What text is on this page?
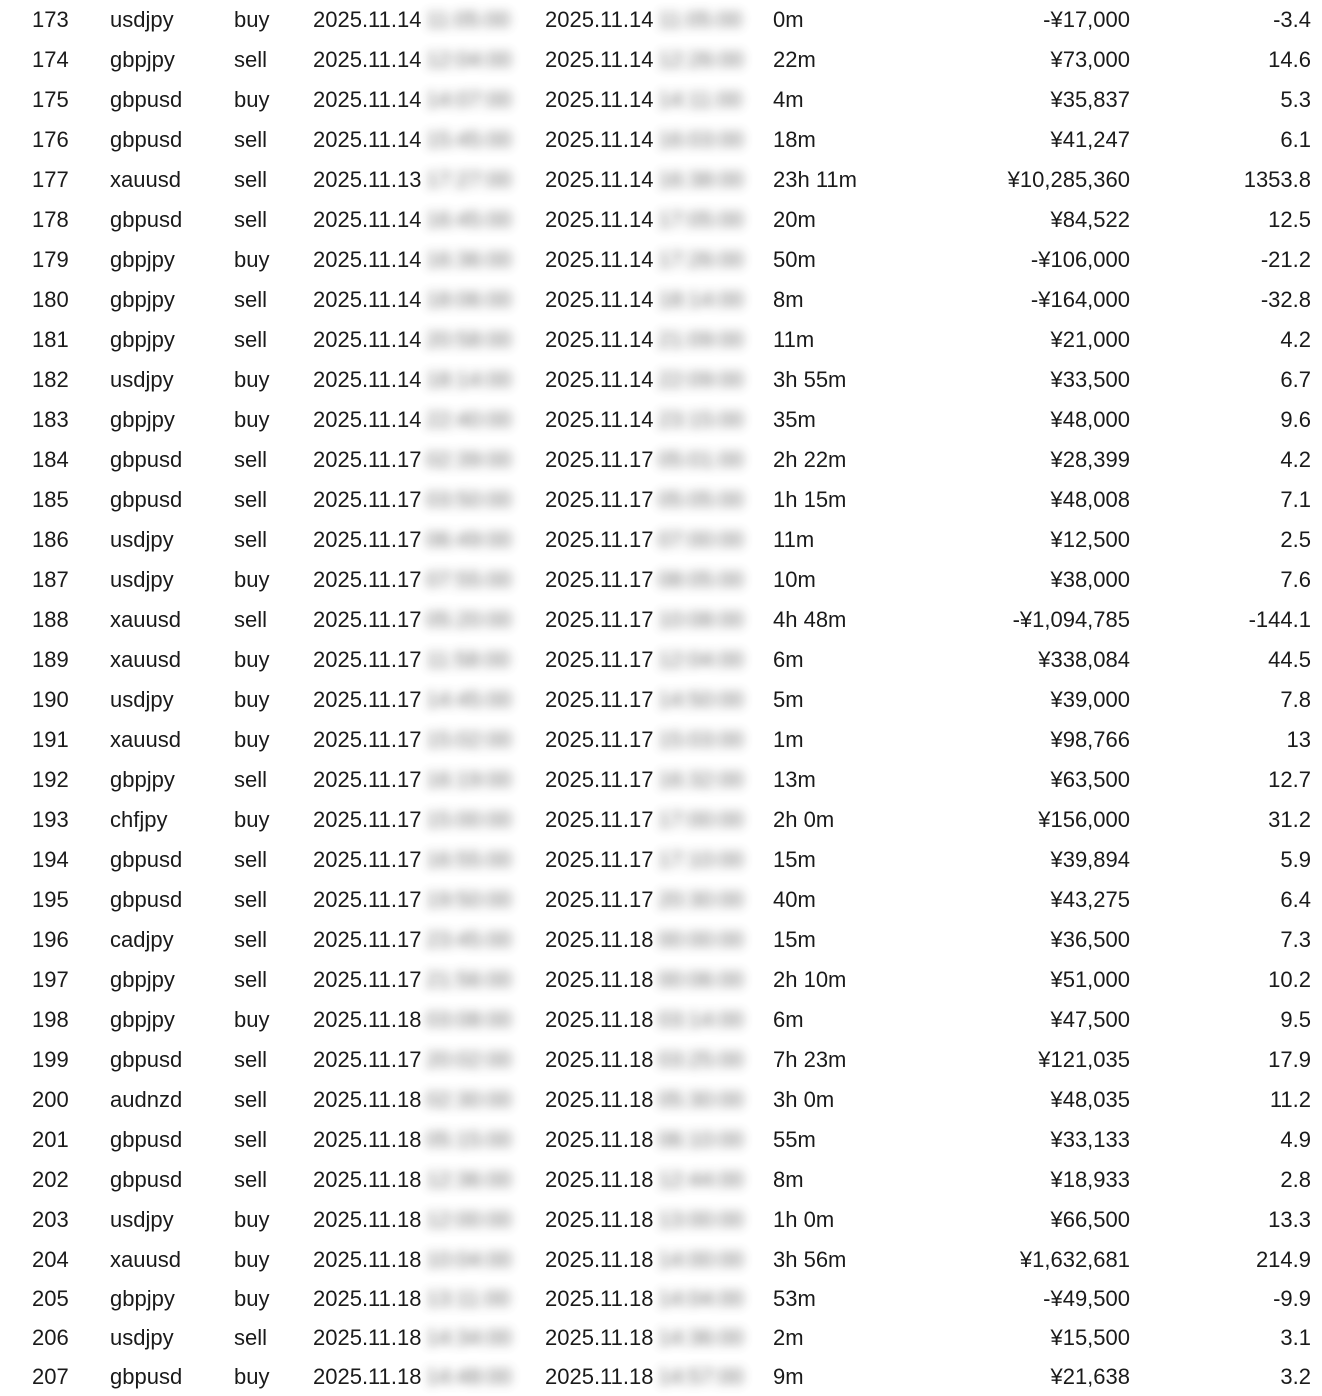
173 usdjpy	buy 2025.11.14 11:05:00 2025.11.14 11:05:00 0m	-¥17,000	-3.4
174 gbpjpy	sell 2025.11.14 12:04:00 2025.11.14 12:26:00 22m	¥73,000	14.6
175 gbpusd buy 2025.11.14 14:07:00 2025.11.14 14:11:00 4m	¥35,837	5.3
176 gbpusd sell 2025.11.14 15:45:00 2025.11.14 16:03:00 18m	¥41,247	6.1
177 xauusd sell 2025.11.13 17:27:00 2025.11.14 16:38:00 23h 11m	¥10,285,360	1353.8
178 gbpusd sell 2025.11.14 16:45:00 2025.11.14 17:05:00 20m	¥84,522	12.5
179 gbpjpy	buy 2025.11.14 16:36:00 2025.11.14 17:26:00 50m	-¥106,000	-21.2
180 gbpjpy	sell 2025.11.14 18:06:00 2025.11.14 18:14:00 8m	-¥164,000	-32.8
181 gbpjpy	sell 2025.11.14 20:58:00 2025.11.14 21:09:00 11m	¥21,000	4.2
182 usdjpy	buy 2025.11.14 18:14:00 2025.11.14 22:09:00 3h 55m	¥33,500	6.7
183 gbpjpy	buy 2025.11.14 22:40:00 2025.11.14 23:15:00 35m	¥48,000	9.6
184 gbpusd sell 2025.11.17 02:39:00 2025.11.17 05:01:00 2h 22m	¥28,399	4.2
185 gbpusd sell 2025.11.17 03:50:00 2025.11.17 05:05:00 1h 15m	¥48,008	7.1
186 usdjpy	sell 2025.11.17 06:49:00 2025.11.17 07:00:00 11m	¥12,500	2.5
187 usdjpy	buy 2025.11.17 07:55:00 2025.11.17 08:05:00 10m	¥38,000	7.6
188 xauusd sell 2025.11.17 05:20:00 2025.11.17 10:08:00 4h 48m	-¥1,094,785	-144.1
189 xauusd buy 2025.11.17 11:58:00 2025.11.17 12:04:00 6m	¥338,084	44.5
190 usdjpy	buy 2025.11.17 14:45:00 2025.11.17 14:50:00 5m	¥39,000	7.8
191 xauusd buy 2025.11.17 15:02:00 2025.11.17 15:03:00 1m	¥98,766	13
192 gbpjpy	sell 2025.11.17 16:19:00 2025.11.17 16:32:00 13m	¥63,500	12.7
193 chfjpy	buy 2025.11.17 15:00:00 2025.11.17 17:00:00 2h 0m	¥156,000	31.2
194 gbpusd sell 2025.11.17 16:55:00 2025.11.17 17:10:00 15m	¥39,894	5.9
195 gbpusd sell 2025.11.17 19:50:00 2025.11.17 20:30:00 40m	¥43,275	6.4
196 cadjpy	sell 2025.11.17 23:45:00 2025.11.18 00:00:00 15m	¥36,500	7.3
197 gbpjpy	sell 2025.11.17 21:56:00 2025.11.18 00:06:00 2h 10m	¥51,000	10.2
198 gbpjpy	buy 2025.11.18 03:08:00 2025.11.18 03:14:00 6m	¥47,500	9.5
199 gbpusd sell 2025.11.17 20:02:00 2025.11.18 03:25:00 7h 23m	¥121,035	17.9
200 audnzd sell 2025.11.18 02:30:00 2025.11.18 05:30:00 3h 0m	¥48,035	11.2
201 gbpusd sell 2025.11.18 05:15:00 2025.11.18 06:10:00 55m	¥33,133	4.9
202 gbpusd sell 2025.11.18 12:36:00 2025.11.18 12:44:00 8m	¥18,933	2.8
203 usdjpy	buy 2025.11.18 12:00:00 2025.11.18 13:00:00 1h 0m	¥66,500	13.3
204 xauusd buy 2025.11.18 10:04:00 2025.11.18 14:00:00 3h 56m	¥1,632,681	214.9
205 gbpjpy	buy 2025.11.18 13:11:00 2025.11.18 14:04:00 53m	-¥49,500	-9.9
206 usdjpy	sell 2025.11.18 14:34:00 2025.11.18 14:36:00 2m	¥15,500	3.1
207 gbpusd buy 2025.11.18 14:48:00 2025.11.18 14:57:00 9m	¥21,638	3.2
